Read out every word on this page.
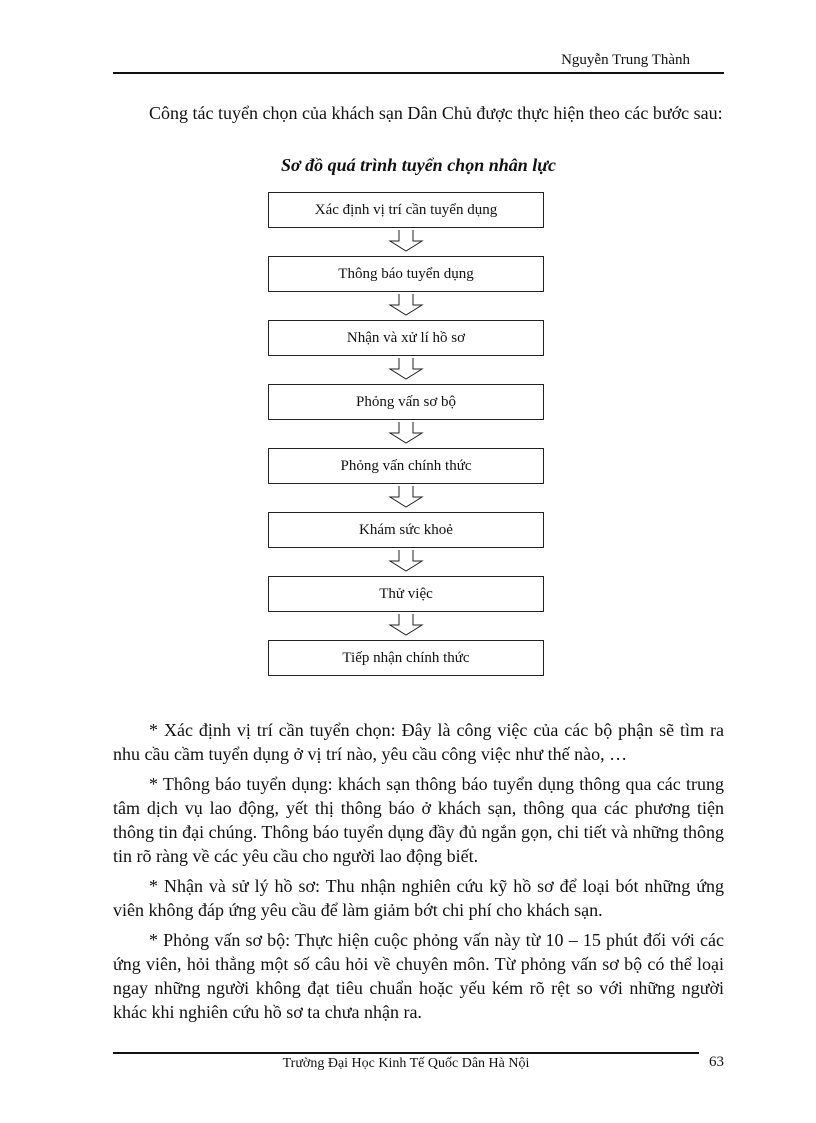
Nguyễn Trung Thành

Công tác tuyển chọn của khách sạn Dân Chủ được thực hiện theo các bước sau:

Sơ đồ quá trình tuyển chọn nhân lực
Xác định vị trí cần tuyển dụng
Thông báo tuyển dụng
Nhận và xử lí hồ sơ
Phỏng vấn sơ bộ
Phỏng vấn chính thức
Khám sức khoẻ
Thử việc
Tiếp nhận chính thức

* Xác định vị trí cần tuyển chọn: Đây là công việc của các bộ phận sẽ tìm ra nhu cầu cầm tuyển dụng ở vị trí nào, yêu cầu công việc như thế nào, …

* Thông báo tuyển dụng: khách sạn thông báo tuyển dụng thông qua các trung tâm dịch vụ lao động, yết thị thông báo ở khách sạn, thông qua các phương tiện thông tin đại chúng. Thông báo tuyển dụng đầy đủ ngắn gọn, chi tiết và những thông tin rõ ràng về các yêu cầu cho người lao động biết.

* Nhận và sử lý hồ sơ: Thu nhận nghiên cứu kỹ hồ sơ để loại bót những ứng viên không đáp ứng yêu cầu để làm giảm bớt chi phí cho khách sạn.

* Phỏng vấn sơ bộ: Thực hiện cuộc phỏng vấn này từ 10 – 15 phút đối với các ứng viên, hỏi thẳng một số câu hỏi về chuyên môn. Từ phỏng vấn sơ bộ có thể loại ngay những người không đạt tiêu chuẩn hoặc yếu kém rõ rệt so với những người khác khi nghiên cứu hồ sơ ta chưa nhận ra.

Trường Đại Học Kinh Tế Quốc Dân Hà Nội	63
